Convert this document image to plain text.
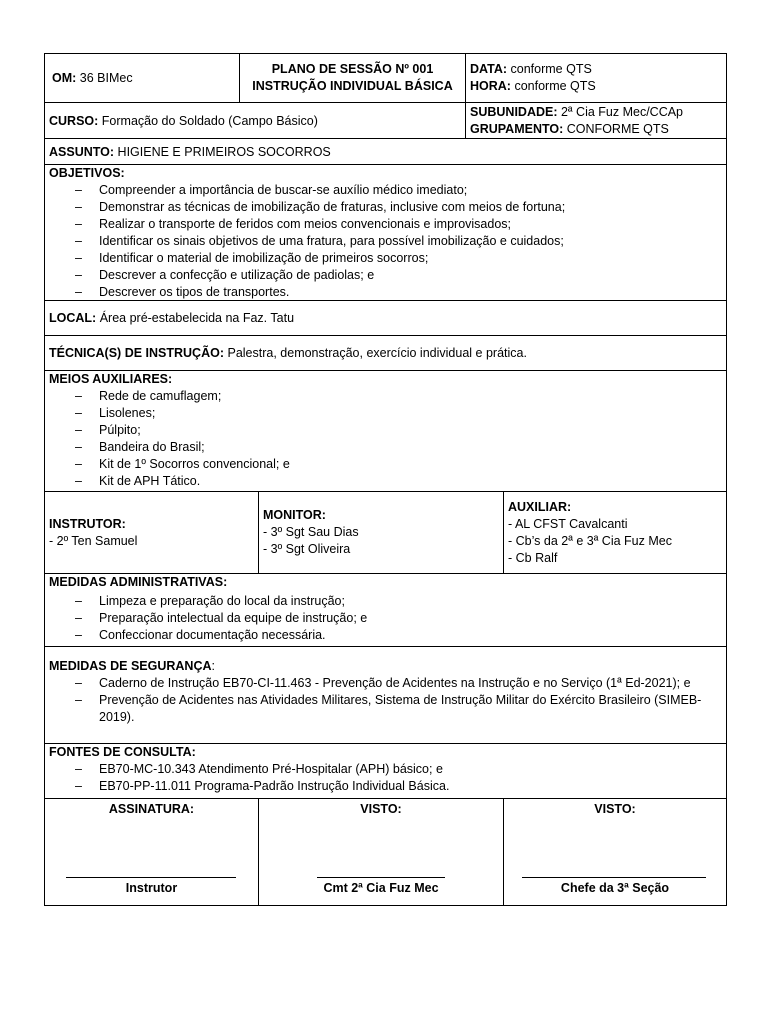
OM:
36 BIMec
PLANO DE SESSÃO Nº 001
INSTRUÇÃO INDIVIDUAL BÁSICA
DATA: conforme QTS
HORA: conforme QTS
CURSO:
Formação do Soldado (Campo Básico)
SUBUNIDADE: 2ª Cia Fuz Mec/CCAp
GRUPAMENTO: CONFORME QTS
ASSUNTO:
HIGIENE E PRIMEIROS SOCORROS
OBJETIVOS:
– Compreender a importância de buscar-se auxílio médico imediato;
– Demonstrar as técnicas de imobilização de fraturas, inclusive com meios de fortuna;
– Realizar o transporte de feridos com meios convencionais e improvisados;
– Identificar os sinais objetivos de uma fratura, para possível imobilização e cuidados;
– Identificar o material de imobilização de primeiros socorros;
– Descrever a confecção e utilização de padiolas; e
– Descrever os tipos de transportes.
LOCAL:
Área pré-estabelecida na Faz. Tatu
TÉCNICA(S) DE INSTRUÇÃO:
Palestra, demonstração, exercício individual e prática.
MEIOS AUXILIARES:
– Rede de camuflagem;
– Lisolenes;
– Púlpito;
– Bandeira do Brasil;
– Kit de 1º Socorros convencional; e
– Kit de APH Tático.
INSTRUTOR:
- 2º Ten Samuel
MONITOR:
- 3º Sgt Sau Dias
- 3º Sgt Oliveira
AUXILIAR:
- AL CFST Cavalcanti
- Cb’s da 2ª e 3ª Cia Fuz Mec
- Cb Ralf
MEDIDAS ADMINISTRATIVAS:
– Limpeza e preparação do local da instrução;
– Preparação intelectual da equipe de instrução; e
– Confeccionar documentação necessária.
MEDIDAS DE SEGURANÇA:
– Caderno de Instrução EB70-CI-11.463 - Prevenção de Acidentes na Instrução e no Serviço (1ª Ed-2021); e
– Prevenção de Acidentes nas Atividades Militares, Sistema de Instrução Militar do Exército Brasileiro (SIMEB-2019).
FONTES DE CONSULTA:
– EB70-MC-10.343 Atendimento Pré-Hospitalar (APH) básico; e
– EB70-PP-11.011 Programa-Padrão Instrução Individual Básica.
ASSINATURA:
Instrutor
VISTO:
Cmt 2ª Cia Fuz Mec
VISTO:
Chefe da 3ª Seção
